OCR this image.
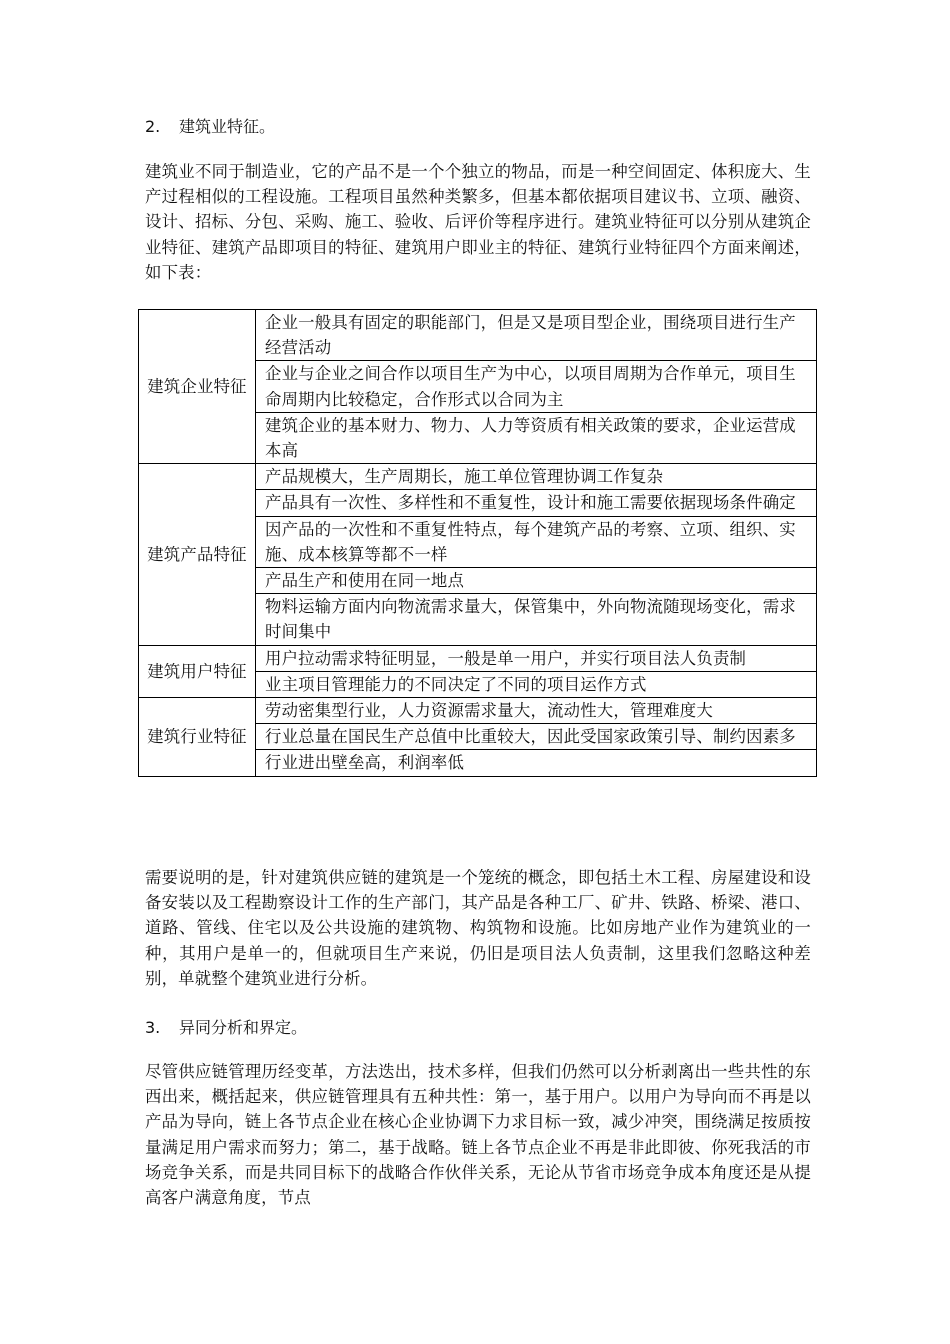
2. 建筑业特征。
建筑业不同于制造业，它的产品不是一个个独立的物品，而是一种空间固定、体积庞大、生产过程相似的工程设施。工程项目虽然种类繁多，但基本都依据项目建议书、立项、融资、设计、招标、分包、采购、施工、验收、后评价等程序进行。建筑业特征可以分别从建筑企业特征、建筑产品即项目的特征、建筑用户即业主的特征、建筑行业特征四个方面来阐述，如下表：
建筑企业特征	企业一般具有固定的职能部门，但是又是项目型企业，围绕项目进行生产经营活动
	企业与企业之间合作以项目生产为中心，以项目周期为合作单元，项目生命周期内比较稳定，合作形式以合同为主
	建筑企业的基本财力、物力、人力等资质有相关政策的要求，企业运营成本高
建筑产品特征	产品规模大，生产周期长，施工单位管理协调工作复杂
	产品具有一次性、多样性和不重复性，设计和施工需要依据现场条件确定
	因产品的一次性和不重复性特点，每个建筑产品的考察、立项、组织、实施、成本核算等都不一样
	产品生产和使用在同一地点
	物料运输方面内向物流需求量大，保管集中，外向物流随现场变化，需求时间集中
建筑用户特征	用户拉动需求特征明显，一般是单一用户，并实行项目法人负责制
	业主项目管理能力的不同决定了不同的项目运作方式
建筑行业特征	劳动密集型行业，人力资源需求量大，流动性大，管理难度大
	行业总量在国民生产总值中比重较大，因此受国家政策引导、制约因素多
	行业进出壁垒高，利润率低
需要说明的是，针对建筑供应链的建筑是一个笼统的概念，即包括土木工程、房屋建设和设备安装以及工程勘察设计工作的生产部门，其产品是各种工厂、矿井、铁路、桥梁、港口、道路、管线、住宅以及公共设施的建筑物、构筑物和设施。比如房地产业作为建筑业的一种，其用户是单一的，但就项目生产来说，仍旧是项目法人负责制，这里我们忽略这种差别，单就整个建筑业进行分析。
3. 异同分析和界定。
尽管供应链管理历经变革，方法迭出，技术多样，但我们仍然可以分析剥离出一些共性的东西出来，概括起来，供应链管理具有五种共性：第一，基于用户。以用户为导向而不再是以产品为导向，链上各节点企业在核心企业协调下力求目标一致，减少冲突，围绕满足按质按量满足用户需求而努力；第二，基于战略。链上各节点企业不再是非此即彼、你死我活的市场竞争关系，而是共同目标下的战略合作伙伴关系，无论从节省市场竞争成本角度还是从提高客户满意角度，节点
